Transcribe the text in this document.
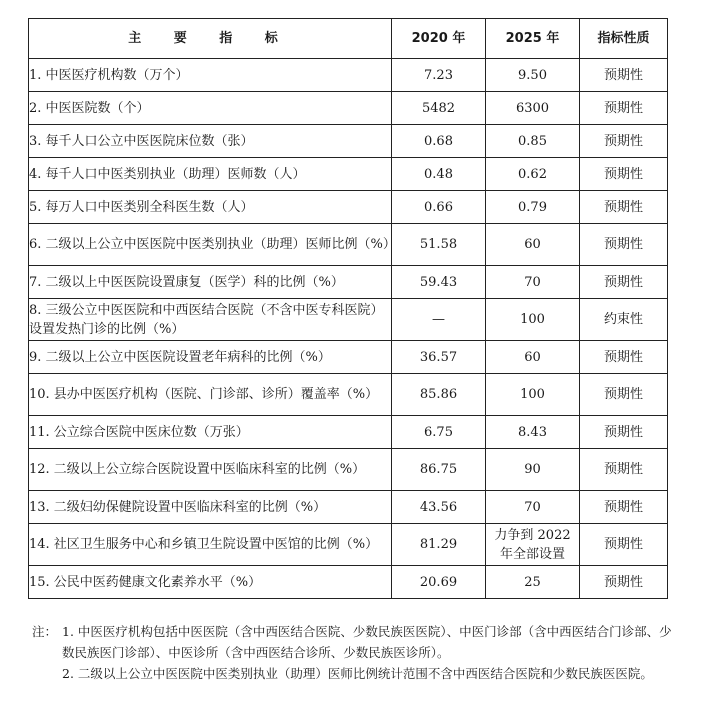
主 要 指 标	2020 年	2025 年	指标性质
1. 中医医疗机构数（万个）	7.23	9.50	预期性
2. 中医医院数（个）	5482	6300	预期性
3. 每千人口公立中医医院床位数（张）	0.68	0.85	预期性
4. 每千人口中医类别执业（助理）医师数（人）	0.48	0.62	预期性
5. 每万人口中医类别全科医生数（人）	0.66	0.79	预期性
6. 二级以上公立中医医院中医类别执业（助理）医师比例（%）	51.58	60	预期性
7. 二级以上中医医院设置康复（医学）科的比例（%）	59.43	70	预期性
8. 三级公立中医医院和中西医结合医院（不含中医专科医院）设置发热门诊的比例（%）	—	100	约束性
9. 二级以上公立中医医院设置老年病科的比例（%）	36.57	60	预期性
10. 县办中医医疗机构（医院、门诊部、诊所）覆盖率（%）	85.86	100	预期性
11. 公立综合医院中医床位数（万张）	6.75	8.43	预期性
12. 二级以上公立综合医院设置中医临床科室的比例（%）	86.75	90	预期性
13. 二级妇幼保健院设置中医临床科室的比例（%）	43.56	70	预期性
14. 社区卫生服务中心和乡镇卫生院设置中医馆的比例（%）	81.29	力争到 2022 年全部设置	预期性
15. 公民中医药健康文化素养水平（%）	20.69	25	预期性
注： 1. 中医医疗机构包括中医医院（含中西医结合医院、少数民族医医院）、中医门诊部（含中西医结合门诊部、少数民族医门诊部）、中医诊所（含中西医结合诊所、少数民族医诊所）。
2. 二级以上公立中医医院中医类别执业（助理）医师比例统计范围不含中西医结合医院和少数民族医医院。
